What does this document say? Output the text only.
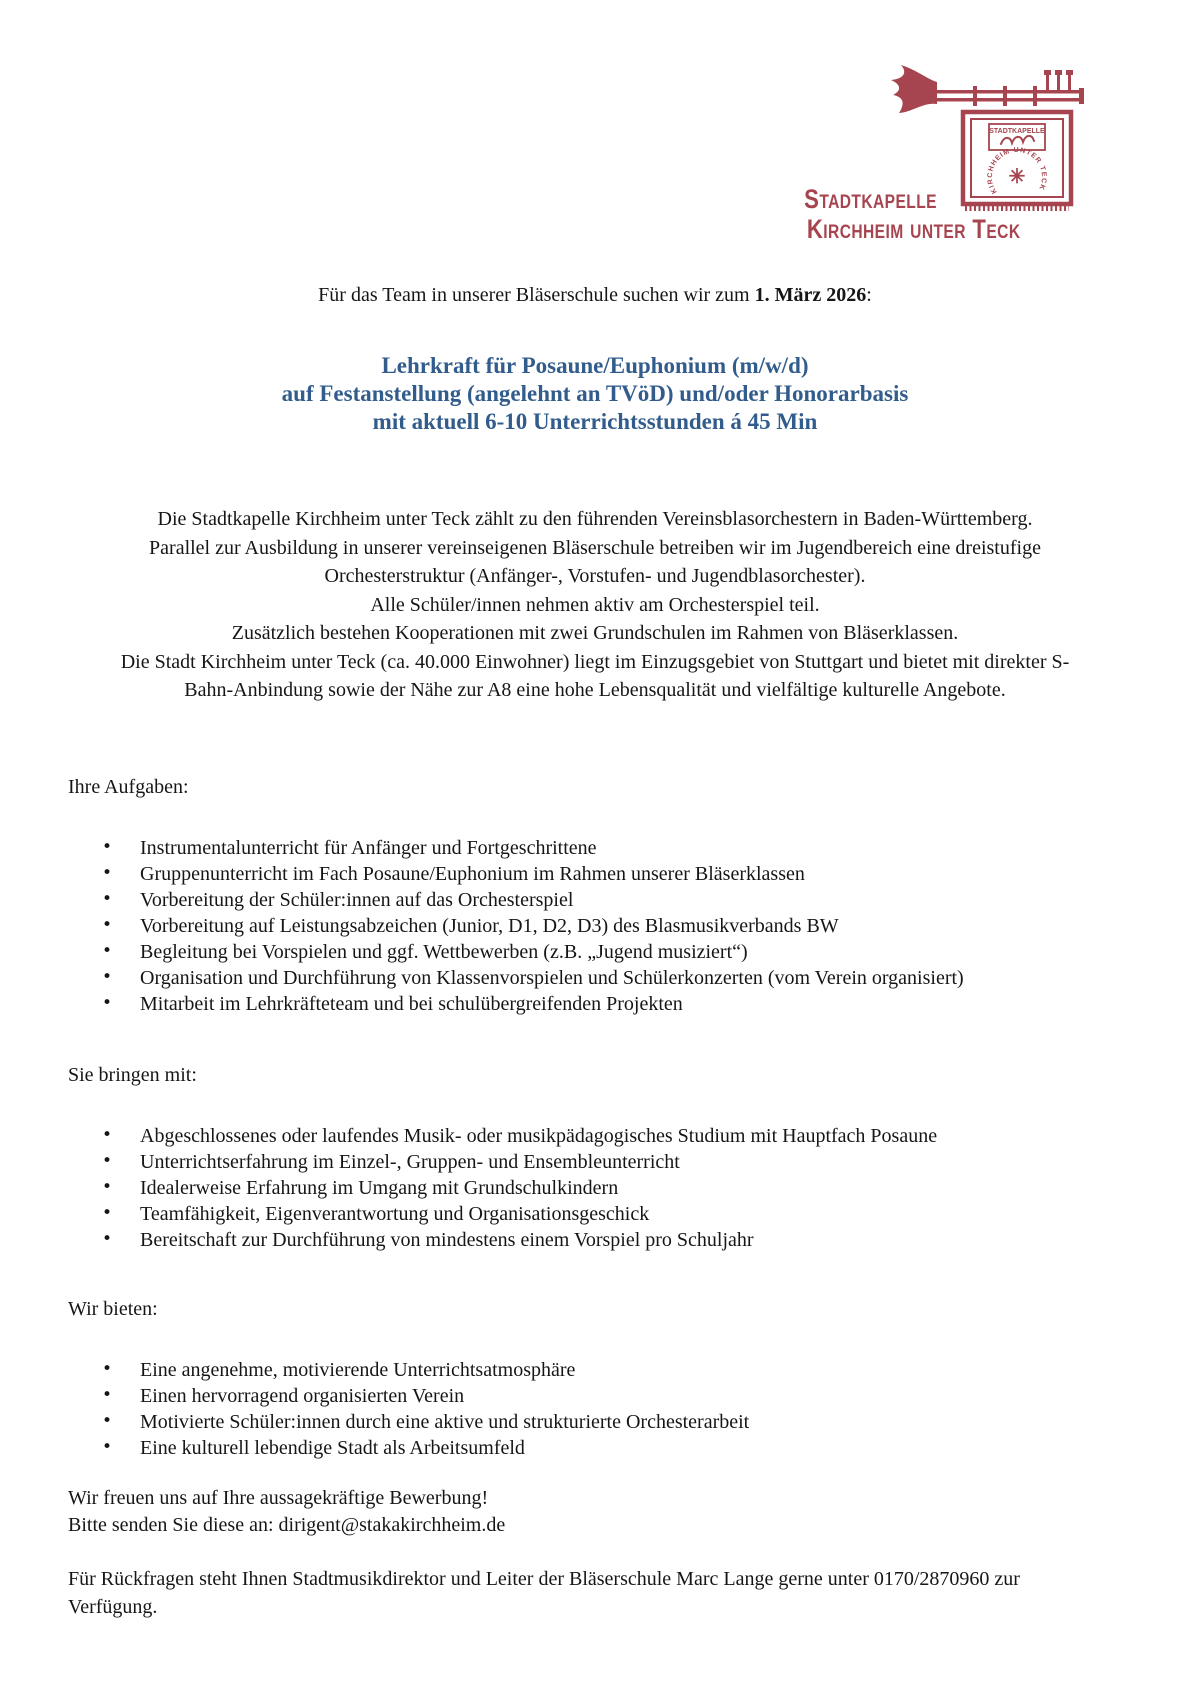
STADTKAPELLE
✳
KIRCHHEIM UNTER TECK
Stadtkapelle
Kirchheim unter Teck
Für das Team in unserer Bläserschule suchen wir zum 1. März 2026:
Lehrkraft für Posaune/Euphonium (m/w/d)
auf Festanstellung (angelehnt an TVöD) und/oder Honorarbasis
mit aktuell 6-10 Unterrichtsstunden á 45 Min
Die Stadtkapelle Kirchheim unter Teck zählt zu den führenden Vereinsblasorchestern in Baden-Württemberg.
Parallel zur Ausbildung in unserer vereinseigenen Bläserschule betreiben wir im Jugendbereich eine dreistufige
Orchesterstruktur (Anfänger-, Vorstufen- und Jugendblasorchester).
Alle Schüler/innen nehmen aktiv am Orchesterspiel teil.
Zusätzlich bestehen Kooperationen mit zwei Grundschulen im Rahmen von Bläserklassen.
Die Stadt Kirchheim unter Teck (ca. 40.000 Einwohner) liegt im Einzugsgebiet von Stuttgart und bietet mit direkter S-
Bahn-Anbindung sowie der Nähe zur A8 eine hohe Lebensqualität und vielfältige kulturelle Angebote.
Ihre Aufgaben:
• Instrumentalunterricht für Anfänger und Fortgeschrittene
• Gruppenunterricht im Fach Posaune/Euphonium im Rahmen unserer Bläserklassen
• Vorbereitung der Schüler:innen auf das Orchesterspiel
• Vorbereitung auf Leistungsabzeichen (Junior, D1, D2, D3) des Blasmusikverbands BW
• Begleitung bei Vorspielen und ggf. Wettbewerben (z.B. „Jugend musiziert“)
• Organisation und Durchführung von Klassenvorspielen und Schülerkonzerten (vom Verein organisiert)
• Mitarbeit im Lehrkräfteteam und bei schulübergreifenden Projekten
Sie bringen mit:
• Abgeschlossenes oder laufendes Musik- oder musikpädagogisches Studium mit Hauptfach Posaune
• Unterrichtserfahrung im Einzel-, Gruppen- und Ensembleunterricht
• Idealerweise Erfahrung im Umgang mit Grundschulkindern
• Teamfähigkeit, Eigenverantwortung und Organisationsgeschick
• Bereitschaft zur Durchführung von mindestens einem Vorspiel pro Schuljahr
Wir bieten:
• Eine angenehme, motivierende Unterrichtsatmosphäre
• Einen hervorragend organisierten Verein
• Motivierte Schüler:innen durch eine aktive und strukturierte Orchesterarbeit
• Eine kulturell lebendige Stadt als Arbeitsumfeld
Wir freuen uns auf Ihre aussagekräftige Bewerbung!
Bitte senden Sie diese an: dirigent@stakakirchheim.de
Für Rückfragen steht Ihnen Stadtmusikdirektor und Leiter der Bläserschule Marc Lange gerne unter 0170/2870960 zur Verfügung.
